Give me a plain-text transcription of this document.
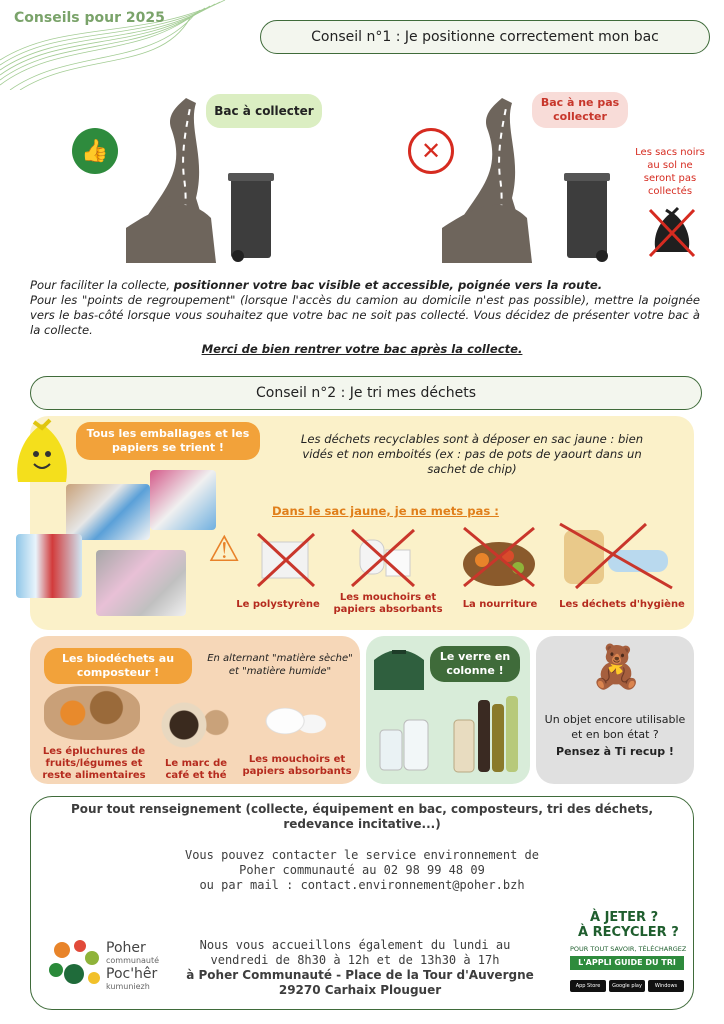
Conseils pour 2025
Conseil n°1 : Je positionne correctement mon bac
👍
Bac à collecter
✕
Bac à ne pas collecter
Les sacs noirs au sol ne seront pas collectés
Pour faciliter la collecte, positionner votre bac visible et accessible, poignée vers la route.
Pour les "points de regroupement" (lorsque l'accès du camion au domicile n'est pas possible), mettre la poignée vers le bas-côté lorsque vous souhaitez que votre bac ne soit pas collecté. Vous décidez de présenter votre bac à la collecte.
Merci de bien rentrer votre bac après la collecte.
Conseil n°2 : Je tri mes déchets
Tous les emballages et les papiers se trient !
Les déchets recyclables sont à déposer en sac jaune : bien vidés et non emboités (ex : pas de pots de yaourt dans un sachet de chip)
Dans le sac jaune, je ne mets pas :
⚠
Le polystyrène
Les mouchoirs et papiers absorbants	La nourriture	Les déchets d'hygiène
Les biodéchets au composteur !
En alternant "matière sèche" et "matière humide"
Les épluchures de fruits/légumes et reste alimentaires
Le marc de café et thé
Les mouchoirs et papiers absorbants
Le verre en colonne !	🧸
Un objet encore utilisable et en bon état ?
Pensez à Ti recup !
Pour tout renseignement (collecte, équipement en bac, composteurs, tri des déchets, redevance incitative...)
Vous pouvez contacter le service environnement de
Poher communauté au 02 98 99 48 09
ou par mail : contact.environnement@poher.bzh
Nous vous accueillons également du lundi au vendredi de 8h30 à 12h et de 13h30 à 17h
à Poher Communauté - Place de la Tour d'Auvergne
29270 Carhaix Plouguer
Poher
communauté
Poc'hêr
kumuniezh
À JETER ?
À RECYCLER ?
POUR TOUT SAVOIR, TÉLÉCHARGEZ
L'APPLI GUIDE DU TRI
App Store	Google play	Windows Phone
